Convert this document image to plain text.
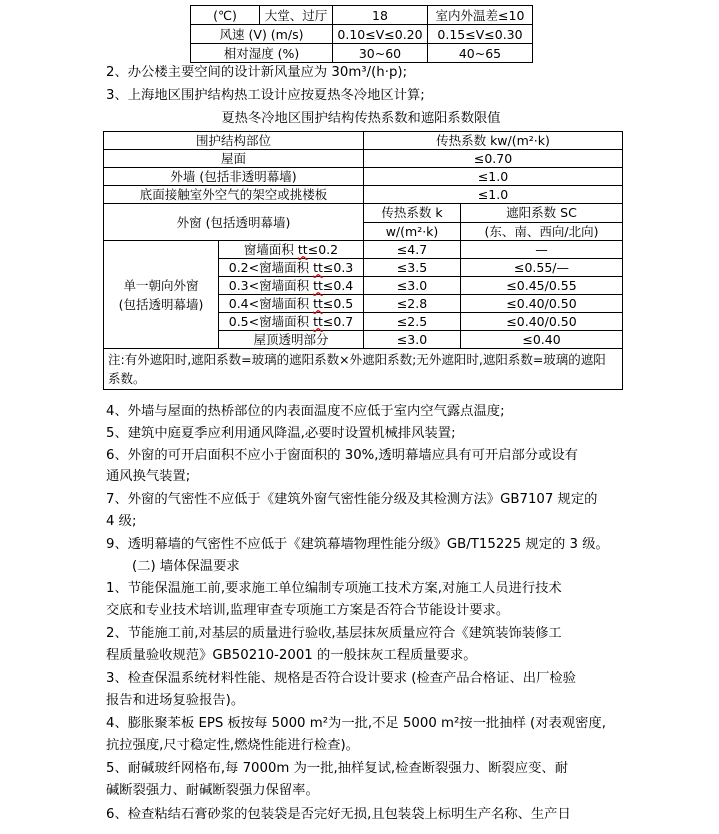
(℃)	大堂、过厅	18	室内外温差≤10
风速 (V) (m/s)		0.10≤V≤0.20	0.15≤V≤0.30
相对湿度 (%)		30~60	40~65
2、办公楼主要空间的设计新风量应为 30m³/(h·p);
3、上海地区围护结构热工设计应按夏热冬冷地区计算;
夏热冬冷地区围护结构传热系数和遮阳系数限值
围护结构部位		传热系数 kw/(m²·k)	
屋面		≤0.70	
外墙 (包括非透明幕墙)		≤1.0	
底面接触室外空气的架空或挑楼板		≤1.0	
外窗 (包括透明幕墙)		传热系数 k	遮阳系数 SC
		w/(m²·k)	(东、南、西向/北向)

单一朝向外窗
(包括透明幕墙)	窗墙面积 tt≤0.2	≤4.7	—
	0.2<窗墙面积 tt≤0.3	≤3.5	≤0.55/—
	0.3<窗墙面积 tt≤0.4	≤3.0	≤0.45/0.55
	0.4<窗墙面积 tt≤0.5	≤2.8	≤0.40/0.50
	0.5<窗墙面积 tt≤0.7	≤2.5	≤0.40/0.50
	屋顶透明部分	≤3.0	≤0.40
注:有外遮阳时,遮阳系数=玻璃的遮阳系数×外遮阳系数;无外遮阳时,遮阳系数=玻璃的遮阳系数。			
4、外墙与屋面的热桥部位的内表面温度不应低于室内空气露点温度;
5、建筑中庭夏季应利用通风降温,必要时设置机械排风装置;
6、外窗的可开启面积不应小于窗面积的 30%,透明幕墙应具有可开启部分或设有
通风换气装置;
7、外窗的气密性不应低于《建筑外窗气密性能分级及其检测方法》GB7107 规定的
4 级;
9、透明幕墙的气密性不应低于《建筑幕墙物理性能分级》GB/T15225 规定的 3 级。
(二) 墙体保温要求
1、节能保温施工前,要求施工单位编制专项施工技术方案,对施工人员进行技术
交底和专业技术培训,监理审查专项施工方案是否符合节能设计要求。
2、节能施工前,对基层的质量进行验收,基层抹灰质量应符合《建筑装饰装修工
程质量验收规范》GB50210-2001 的一般抹灰工程质量要求。
3、检查保温系统材料性能、规格是否符合设计要求 (检查产品合格证、出厂检验
报告和进场复验报告)。
4、膨胀聚苯板 EPS 板按每 5000 m²为一批,不足 5000 m²按一批抽样 (对表观密度,
抗拉强度,尺寸稳定性,燃烧性能进行检查)。
5、耐碱玻纤网格布,每 7000m 为一批,抽样复试,检查断裂强力、断裂应变、耐
碱断裂强力、耐碱断裂强力保留率。
6、检查粘结石膏砂浆的包装袋是否完好无损,且包装袋上标明生产名称、生产日
